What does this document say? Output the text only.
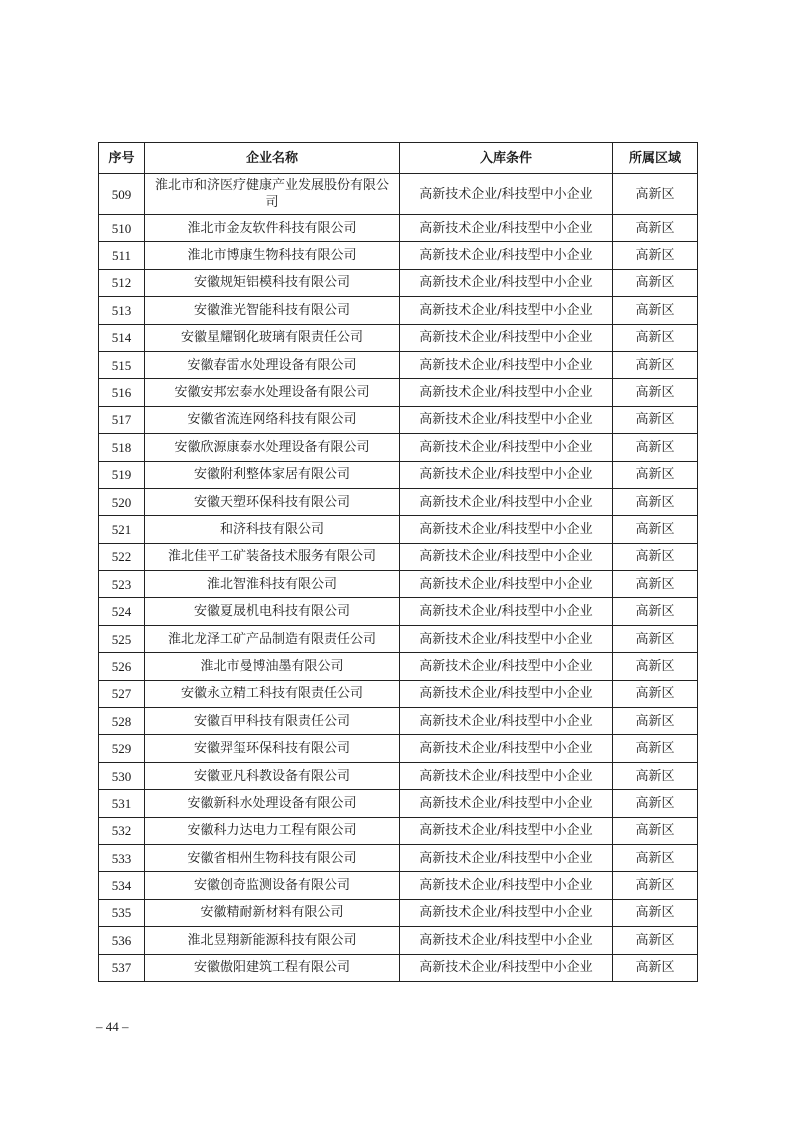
序号	企业名称	入库条件	所属区域
509	淮北市和济医疗健康产业发展股份有限公司	高新技术企业/科技型中小企业	高新区
510	淮北市金友软件科技有限公司	高新技术企业/科技型中小企业	高新区
511	淮北市博康生物科技有限公司	高新技术企业/科技型中小企业	高新区
512	安徽规矩铝模科技有限公司	高新技术企业/科技型中小企业	高新区
513	安徽淮光智能科技有限公司	高新技术企业/科技型中小企业	高新区
514	安徽星耀钢化玻璃有限责任公司	高新技术企业/科技型中小企业	高新区
515	安徽春雷水处理设备有限公司	高新技术企业/科技型中小企业	高新区
516	安徽安邦宏泰水处理设备有限公司	高新技术企业/科技型中小企业	高新区
517	安徽省流连网络科技有限公司	高新技术企业/科技型中小企业	高新区
518	安徽欣源康泰水处理设备有限公司	高新技术企业/科技型中小企业	高新区
519	安徽附利整体家居有限公司	高新技术企业/科技型中小企业	高新区
520	安徽天塑环保科技有限公司	高新技术企业/科技型中小企业	高新区
521	和济科技有限公司	高新技术企业/科技型中小企业	高新区
522	淮北佳平工矿装备技术服务有限公司	高新技术企业/科技型中小企业	高新区
523	淮北智淮科技有限公司	高新技术企业/科技型中小企业	高新区
524	安徽夏晟机电科技有限公司	高新技术企业/科技型中小企业	高新区
525	淮北龙泽工矿产品制造有限责任公司	高新技术企业/科技型中小企业	高新区
526	淮北市曼博油墨有限公司	高新技术企业/科技型中小企业	高新区
527	安徽永立精工科技有限责任公司	高新技术企业/科技型中小企业	高新区
528	安徽百甲科技有限责任公司	高新技术企业/科技型中小企业	高新区
529	安徽羿玺环保科技有限公司	高新技术企业/科技型中小企业	高新区
530	安徽亚凡科教设备有限公司	高新技术企业/科技型中小企业	高新区
531	安徽新科水处理设备有限公司	高新技术企业/科技型中小企业	高新区
532	安徽科力达电力工程有限公司	高新技术企业/科技型中小企业	高新区
533	安徽省相州生物科技有限公司	高新技术企业/科技型中小企业	高新区
534	安徽创奇监测设备有限公司	高新技术企业/科技型中小企业	高新区
535	安徽精耐新材料有限公司	高新技术企业/科技型中小企业	高新区
536	淮北昱翔新能源科技有限公司	高新技术企业/科技型中小企业	高新区
537	安徽傲阳建筑工程有限公司	高新技术企业/科技型中小企业	高新区
– 44 –
